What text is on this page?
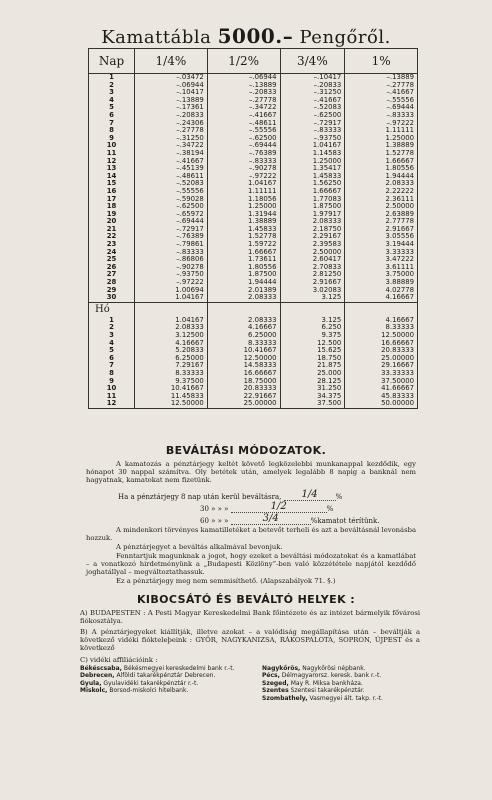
Kamattábla 5000.– Pengőről.
Nap	1/4%	1/2%	3/4%	1%
1	–.03472	–.06944	–.10417	–.13889
2	–.06944	–.13889	–.20833	–.27778
3	–.10417	–.20833	–.31250	–.41667
4	–.13889	–.27778	–.41667	–.55556
5	–.17361	–.34722	–.52083	–.69444
6	–.20833	–.41667	–.62500	–.83333
7	–.24306	–.48611	–.72917	–.97222
8	–.27778	–.55556	–.83333	1.11111
9	–.31250	–.62500	–.93750	1.25000
10	–.34722	–.69444	1.04167	1.38889
11	–.38194	–.76389	1.14583	1.52778
12	–.41667	–.83333	1.25000	1.66667
13	–.45139	–.90278	1.35417	1.80556
14	–.48611	–.97222	1.45833	1.94444
15	–.52083	1.04167	1.56250	2.08333
16	–.55556	1.11111	1.66667	2.22222
17	–.59028	1.18056	1.77083	2.36111
18	–.62500	1.25000	1.87500	2.50000
19	–.65972	1.31944	1.97917	2.63889
20	–.69444	1.38889	2.08333	2.77778
21	–.72917	1.45833	2.18750	2.91667
22	–.76389	1.52778	2.29167	3.05556
23	–.79861	1.59722	2.39583	3.19444
24	–.83333	1.66667	2.50000	3.33333
25	–.86806	1.73611	2.60417	3.47222
26	–.90278	1.80556	2.70833	3.61111
27	–.93750	1.87500	2.81250	3.75000
28	–.97222	1.94444	2.91667	3.88889
29	1.00694	2.01389	3.02083	4.02778
30	1.04167	2.08333	3.125	4.16667
Hó				
1	1.04167	2.08333	3.125	4.16667
2	2.08333	4.16667	6.250	8.33333
3	3.12500	6.25000	9.375	12.50000
4	4.16667	8.33333	12.500	16.66667
5	5.20833	10.41667	15.625	20.83333
6	6.25000	12.50000	18.750	25.00000
7	7.29167	14.58333	21.875	29.16667
8	8.33333	16.66667	25.000	33.33333
9	9.37500	18.75000	28.125	37.50000
10	10.41667	20.83333	31.250	41.66667
11	11.45833	22.91667	34.375	45.83333
12	12.50000	25.00000	37.500	50.00000
BEVÁLTÁSI MÓDOZATOK.
A kamatozás a pénztárjegy keltét követő legközelebbi munkanappal kezdődik, egy hónapot 30 nappal számítva. Oly betétek után, amelyek legalább 8 napig a banknál nem hagyatnak, kamatokat nem fizetünk.
Ha a pénztárjegy 8 nap után kerül beváltásra, 1/4	%
30 » » »	1/2	%
60 » » »	3/4	%kamatot térítünk.
A mindenkori törvényes kamatilletéket a betevőt terheli és azt a beváltásnál levonásba hozzuk.
A pénztárjegyet a beváltás alkalmával bevonjuk.
Fenntartjuk magunknak a jogot, hogy ezeket a beváltási módozatokat és a kamatlábat – a vonatkozó hirdetményünk a „Budapesti Közlöny”-ben való közzététele napjától kezdődő joghatállyal – megváltoztathassuk.
Ez a pénztárjegy meg nem semmisíthető. (Alapszabályok 71. §.)
KIBOCSÁTÓ ÉS BEVÁLTÓ HELYEK :
A) BUDAPESTEN : A Pesti Magyar Kereskedelmi Bank főintézete és az intézet bármelyik fővárosi fiókosztálya.
B) A pénztárjegyeket kiállítják, illetve azokat – a valódiság megállapítása után – beváltják a következő vidéki fiókteleþeink : GYŐR, NAGYKANIZSA, RÁKOSPALOTA, SOPRON, ÚJPEST és a következő
C) vidéki affiliációink :
Békéscsaba, Békésmegyei kereskedelmi bank r.-t.
Debrecen, Alföldi takarékpénztár Debrecen.
Gyula, Gyulavidéki takarékpénztár r.-t.
Miskolc, Borsod-miskolci hitelbank.
Nagykőrös, Nagykőrösi népbank.
Pécs, Délmagyarorsz. keresk. bank r.-t.
Szeged, May R. Miksa bankháza.
Szentes Szentesi takarékpénztár.
Szombathely, Vasmegyei ált. takp. r.-t.
